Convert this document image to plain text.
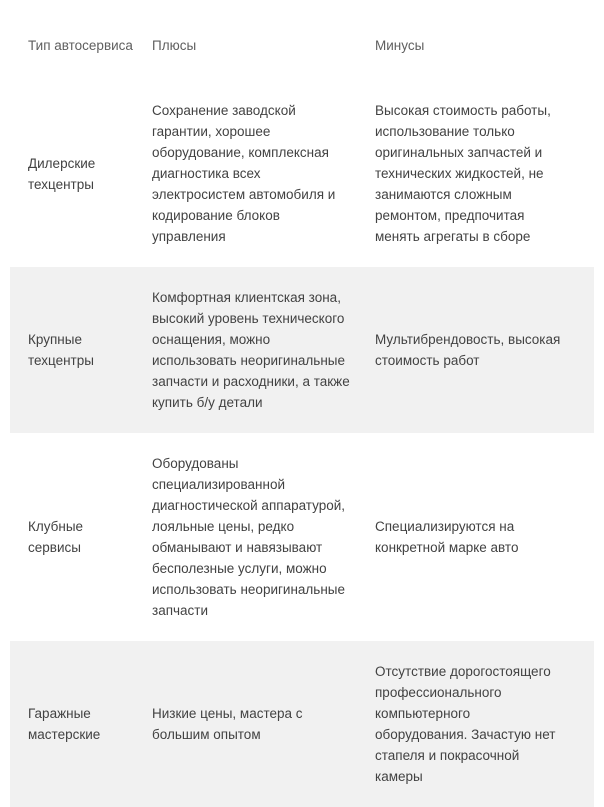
Тип автосервиса Плюсы	Минусы
Дилерские техцентры
Сохранение заводской гарантии, хорошее оборудование, комплексная диагностика всех электросистем автомобиля и кодирование блоков управления
Высокая стоимость работы, использование только оригинальных запчастей и технических жидкостей, не занимаются сложным ремонтом, предпочитая менять агрегаты в сборе
Крупные техцентры
Комфортная клиентская зона, высокий уровень технического оснащения, можно использовать неоригинальные запчасти и расходники, а также купить б/у детали
Мультибрендовость, высокая стоимость работ
Клубные сервисы
Оборудованы специализированной диагностической аппаратурой, лояльные цены, редко обманывают и навязывают бесполезные услуги, можно использовать неоригинальные запчасти
Специализируются на конкретной марке авто
Гаражные мастерские
Низкие цены, мастера с большим опытом
Отсутствие дорогостоящего профессионального компьютерного оборудования. Зачастую нет стапеля и покрасочной камеры
